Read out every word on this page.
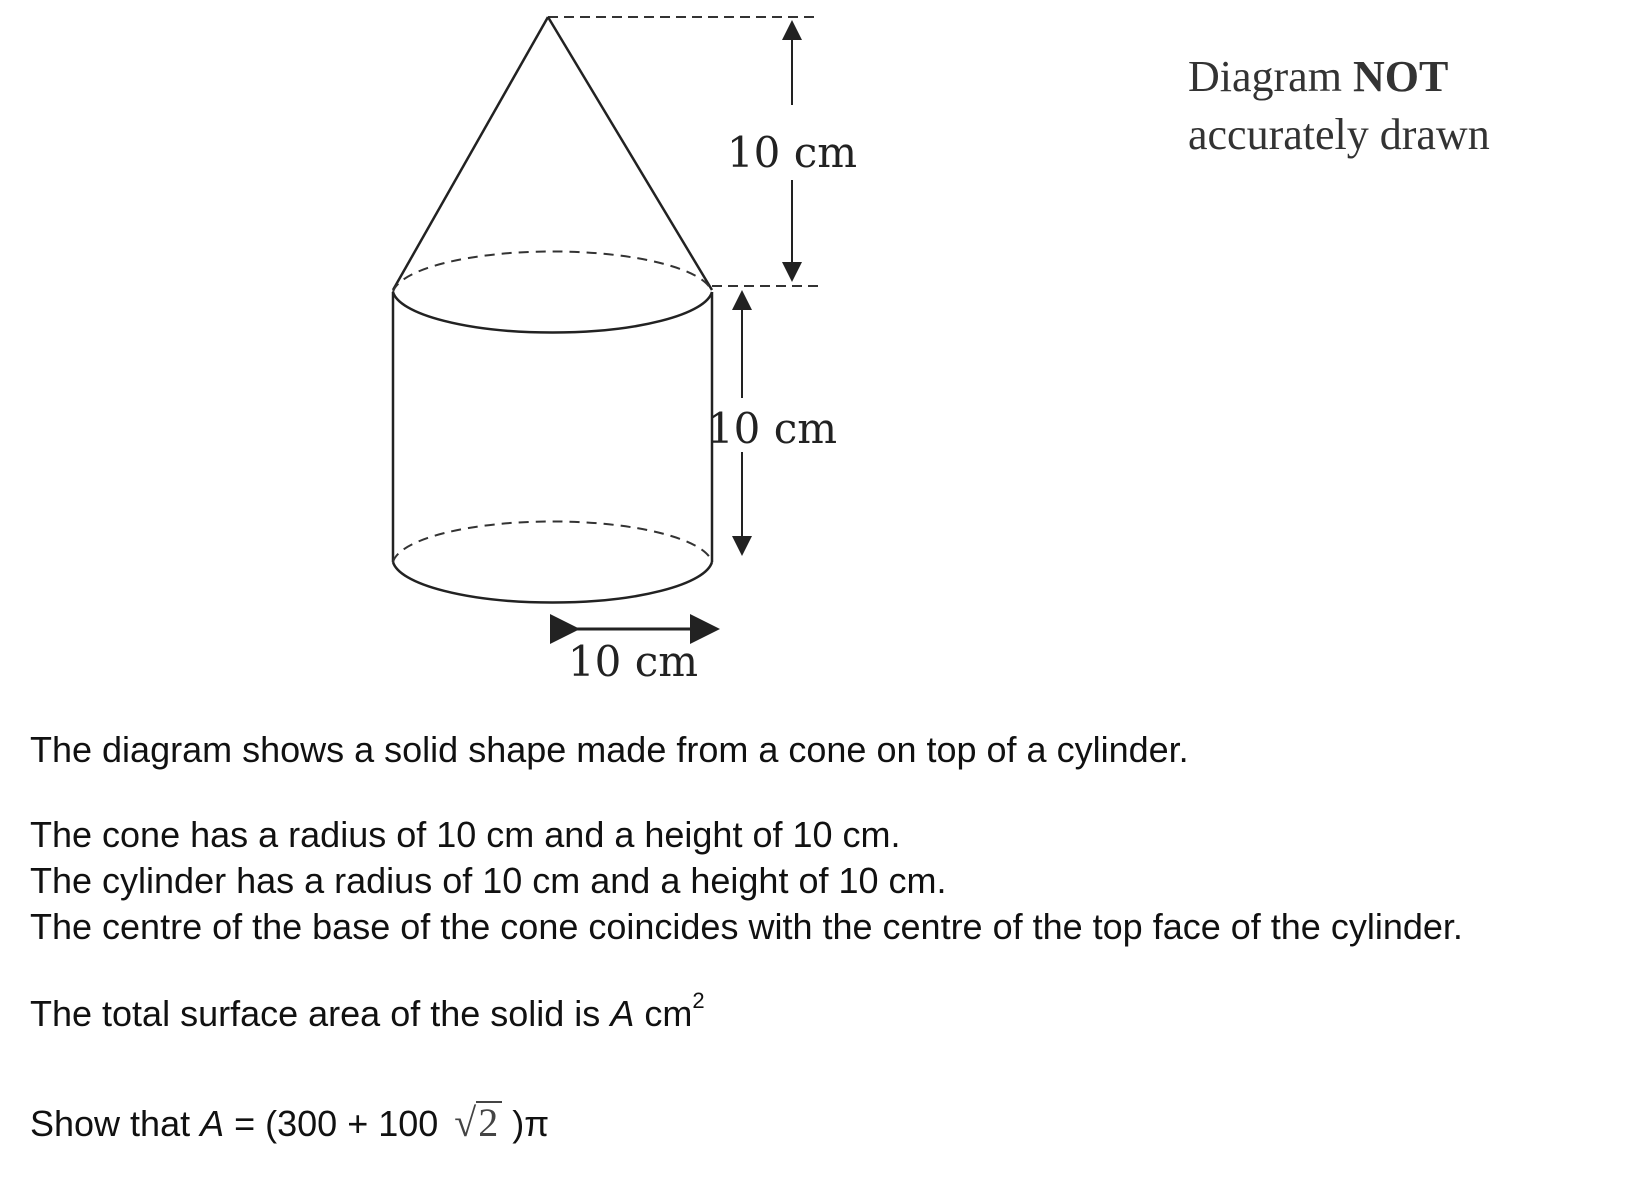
10 cm
10 cm
10 cm
Diagram NOT
accurately drawn
The diagram shows a solid shape made from a cone on top of a cylinder.
The cone has a radius of 10 cm and a height of 10 cm.
The cylinder has a radius of 10 cm and a height of 10 cm.
The centre of the base of the cone coincides with the centre of the top face of the cylinder.
The total surface area of the solid is A $cm^2$
Show that A = (300 + 100 √2 )π
